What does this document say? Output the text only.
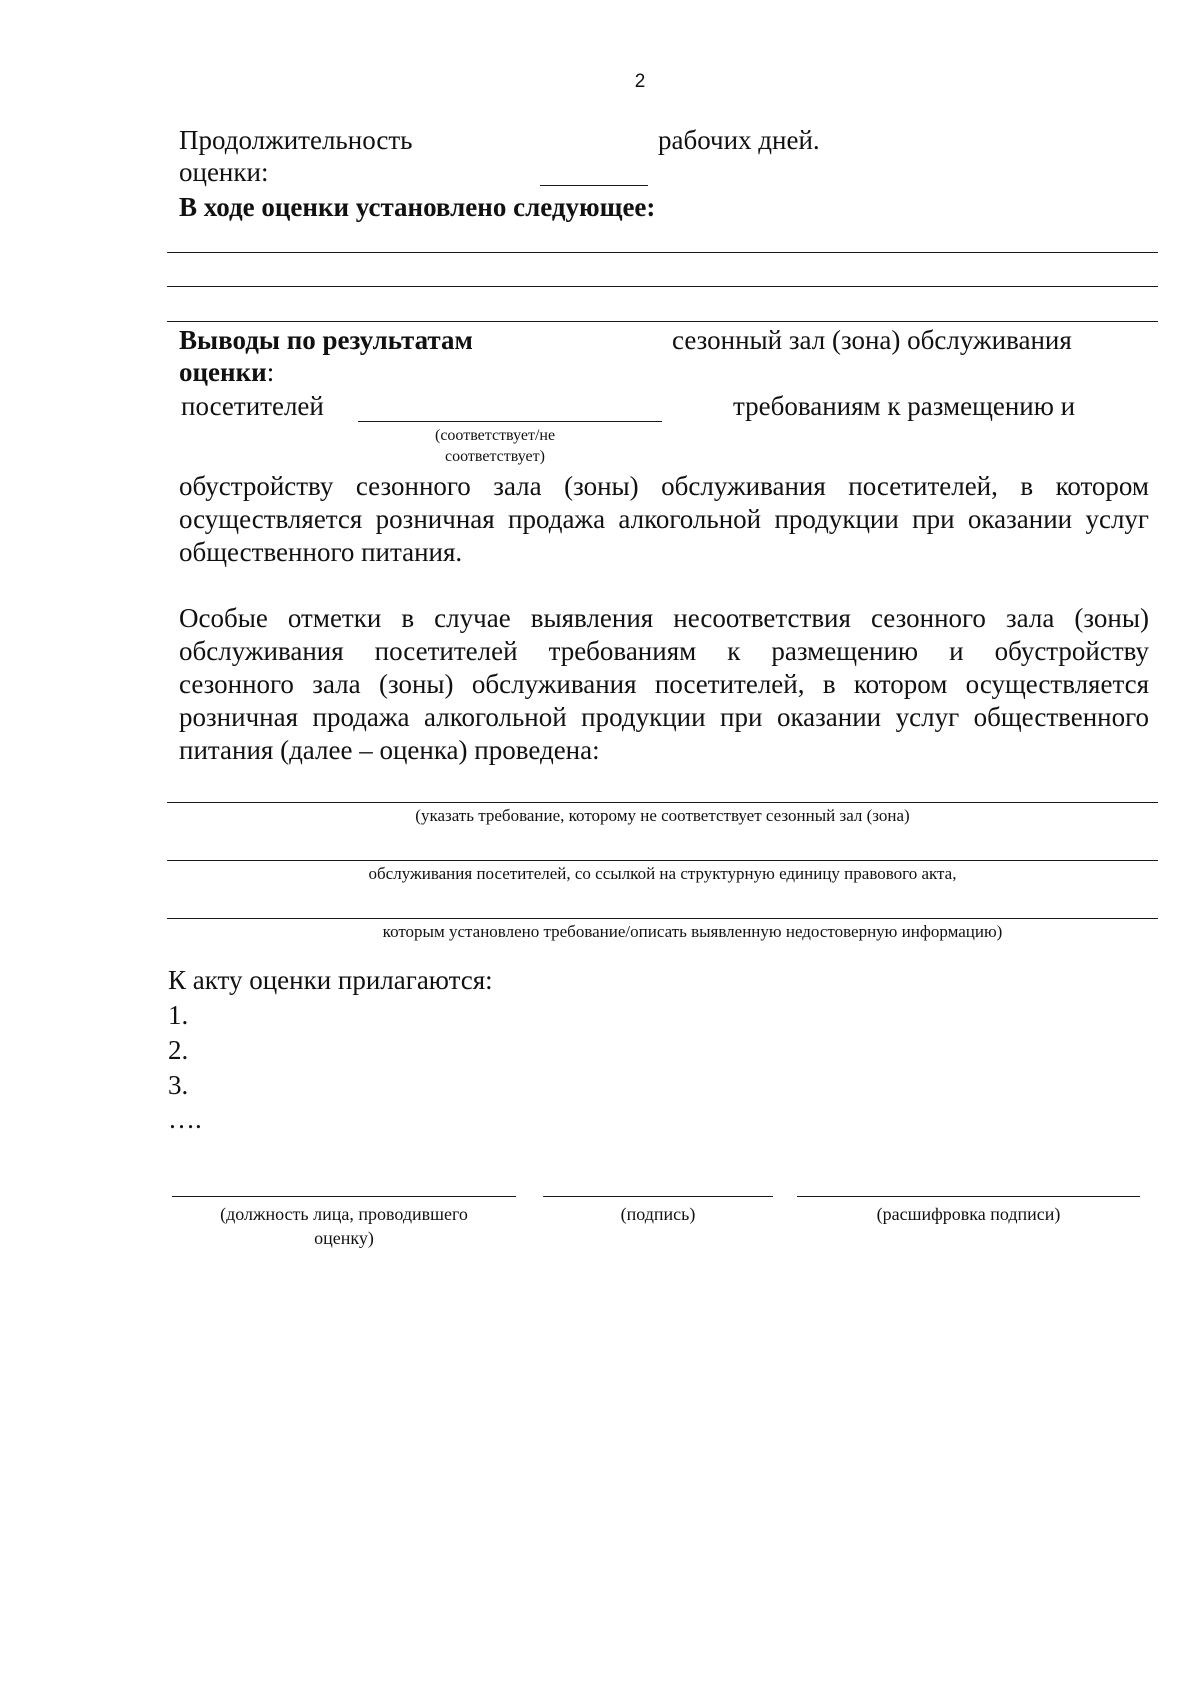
2
Продолжительность
оценки:
рабочих дней.
В ходе оценки установлено следующее:
Выводы по результатам
оценки:
сезонный зал (зона) обслуживания
посетителей	требованиям к размещению и
(соответствует/не
соответствует)
обустройству сезонного зала (зоны) обслуживания посетителей, в котором
осуществляется розничная продажа алкогольной продукции при оказании услуг
общественного питания.
Особые отметки в случае выявления несоответствия сезонного зала (зоны)
обслуживания посетителей требованиям к размещению и обустройству
сезонного зала (зоны) обслуживания посетителей, в котором осуществляется
розничная продажа алкогольной продукции при оказании услуг общественного
питания (далее – оценка) проведена:
(указать требование, которому не соответствует сезонный зал (зона)
обслуживания посетителей, со ссылкой на структурную единицу правового акта,
которым установлено требование/описать выявленную недостоверную информацию)
К акту оценки прилагаются:
1.
2.
3.
….
(должность лица, проводившего
оценку)
(подпись)	(расшифровка подписи)
